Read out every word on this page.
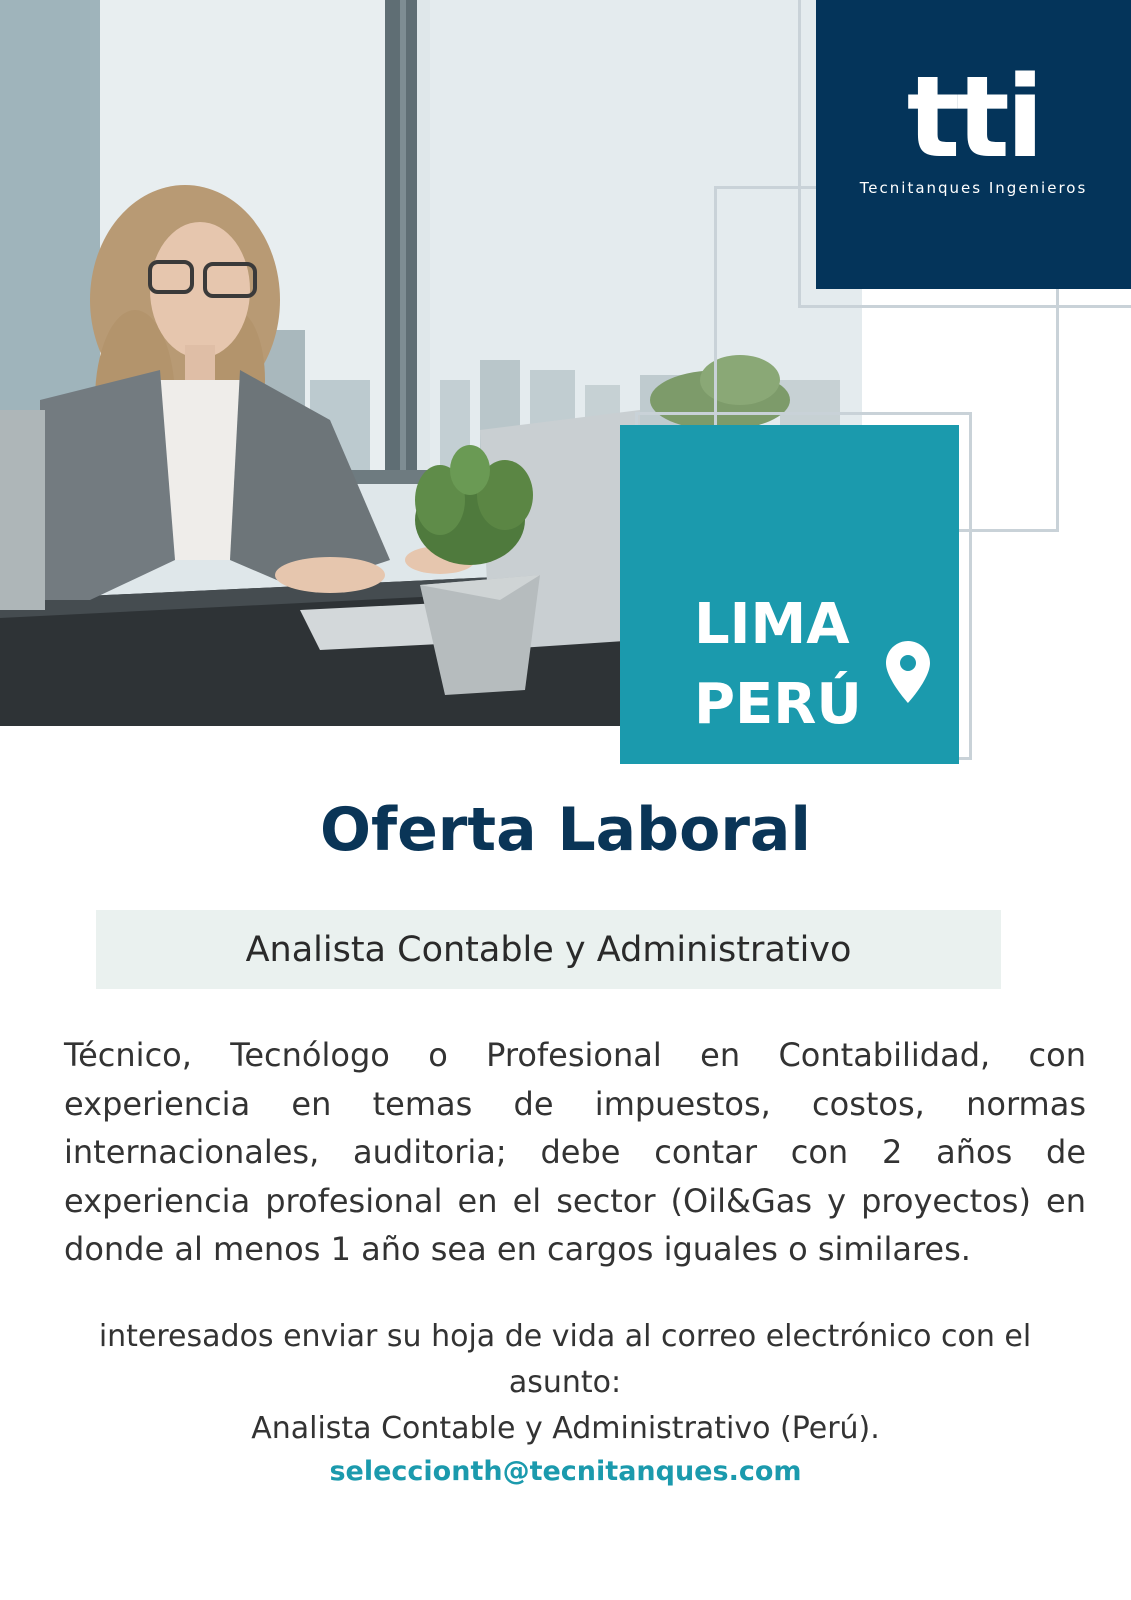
tti
Tecnitanques Ingenieros
LIMA
PERÚ
Oferta Laboral
Analista Contable y Administrativo
Técnico, Tecnólogo o Profesional en Contabilidad, con experiencia en temas de impuestos, costos, normas internacionales, auditoria; debe contar con 2 años de experiencia profesional en el sector (Oil&Gas y proyectos) en donde al menos 1 año sea en cargos iguales o similares.
interesados enviar su hoja de vida al correo electrónico con el asunto:
Analista Contable y Administrativo (Perú).
seleccionth@tecnitanques.com
